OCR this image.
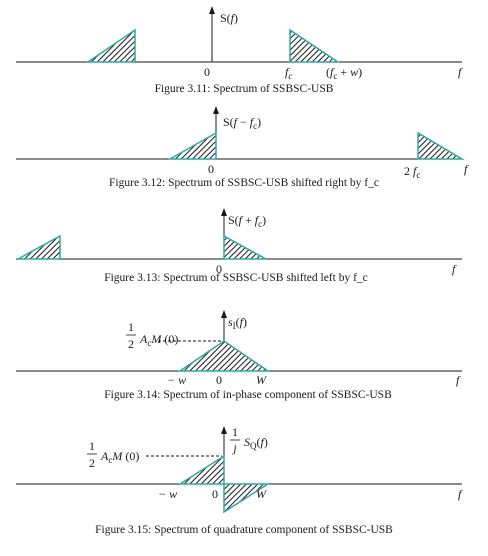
S(f)
0	$f_c$	$(f_c + w)$	f
Figure 3.11: Spectrum of SSBSC-USB
$S(f - f_c)$
0	2 $f_c$	f
Figure 3.12: Spectrum of SSBSC-USB shifted right by f_c
$S(f + f_c)$
0	f
Figure 3.13: Spectrum of SSBSC-USB shifted left by f_c
$s_I(f)$
1
2 $A_cM$ (0)
− w 0	W	f
Figure 3.14: Spectrum of in-phase component of SSBSC-USB
1
j $S_Q(f)$
1
2 $A_cM$ (0)
− w	0	W	f
Figure 3.15: Spectrum of quadrature component of SSBSC-USB
